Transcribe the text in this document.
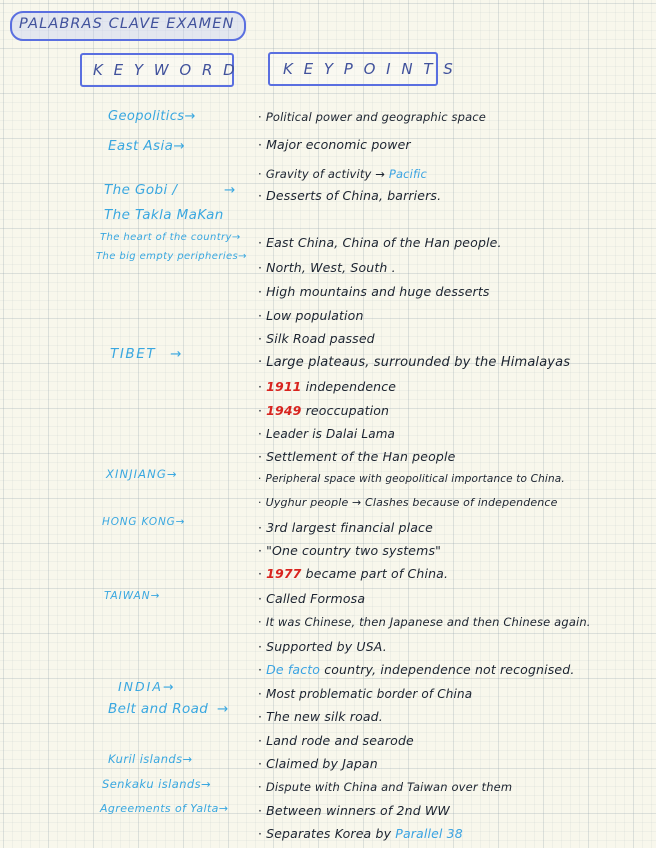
PALABRAS CLAVE EXAMEN
K E Y W O R D	K E Y P O I N T S
Geopolitics→
East Asia→
The Gobi /	→
The Takla MaKan
The heart of the country→
The big empty peripheries→
TIBET →
XINJIANG→
HONG KONG→
TAIWAN→
INDIA→
Belt and Road →
Kuril islands→
Senkaku islands→
Agreements of Yalta→
· Political power and geographic space
· Major economic power
· Gravity of activity → Pacific
· Desserts of China, barriers.
· East China, China of the Han people.
· North, West, South .
· High mountains and huge desserts
· Low population
· Silk Road passed
· Large plateaus, surrounded by the Himalayas
· 1911 independence
· 1949 reoccupation
· Leader is Dalai Lama
· Settlement of the Han people
· Peripheral space with geopolitical importance to China.
· Uyghur people → Clashes because of independence
· 3rd largest financial place
· "One country two systems"
· 1977 became part of China.
· Called Formosa
· It was Chinese, then Japanese and then Chinese again.
· Supported by USA.
· De facto country, independence not recognised.
· Most problematic border of China
· The new silk road.
· Land rode and searode
· Claimed by Japan
· Dispute with China and Taiwan over them
· Between winners of 2nd WW
· Separates Korea by Parallel 38
